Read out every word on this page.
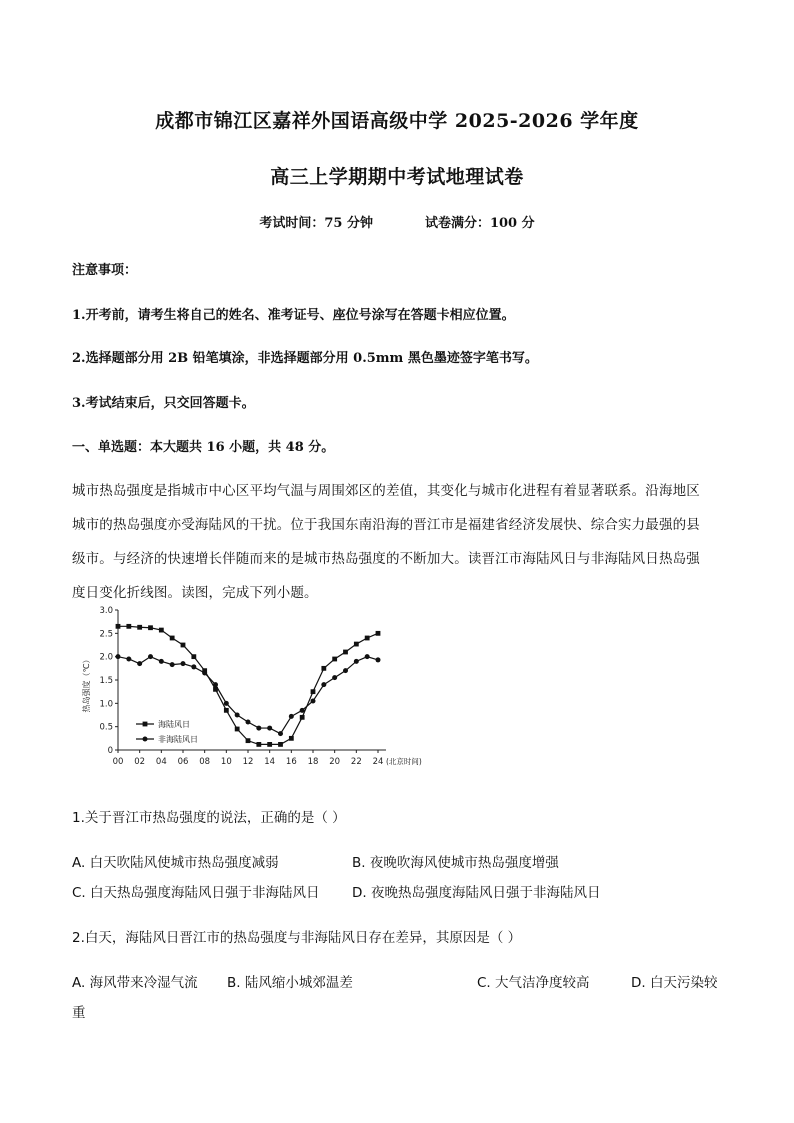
成都市锦江区嘉祥外国语高级中学 2025-2026 学年度
高三上学期期中考试地理试卷
考试时间：75 分钟	试卷满分：100 分
注意事项：
1.开考前，请考生将自己的姓名、准考证号、座位号涂写在答题卡相应位置。
2.选择题部分用 2B 铅笔填涂，非选择题部分用 0.5mm 黑色墨迹签字笔书写。
3.考试结束后，只交回答题卡。
一、单选题：本大题共 16 小题，共 48 分。
城市热岛强度是指城市中心区平均气温与周围郊区的差值，其变化与城市化进程有着显著联系。沿海地区
城市的热岛强度亦受海陆风的干扰。位于我国东南沿海的晋江市是福建省经济发展快、综合实力最强的县
级市。与经济的快速增长伴随而来的是城市热岛强度的不断加大。读晋江市海陆风日与非海陆风日热岛强
度日变化折线图。读图，完成下列小题。
00 02 04 06 08 10 12 14 16 18 20 22 24 (北京时间)
0
0.5
1.0
1.5
2.0
2.5
3.0
热岛强度（℃）
海陆风日
非海陆风日
1.关于晋江市热岛强度的说法，正确的是（ ）
A. 白天吹陆风使城市热岛强度减弱	B. 夜晚吹海风使城市热岛强度增强
C. 白天热岛强度海陆风日强于非海陆风日 D. 夜晚热岛强度海陆风日强于非海陆风日
2.白天，海陆风日晋江市的热岛强度与非海陆风日存在差异，其原因是（ ）
A. 海风带来冷湿气流 B. 陆风缩小城郊温差	C. 大气洁净度较高	D. 白天污染较
重
